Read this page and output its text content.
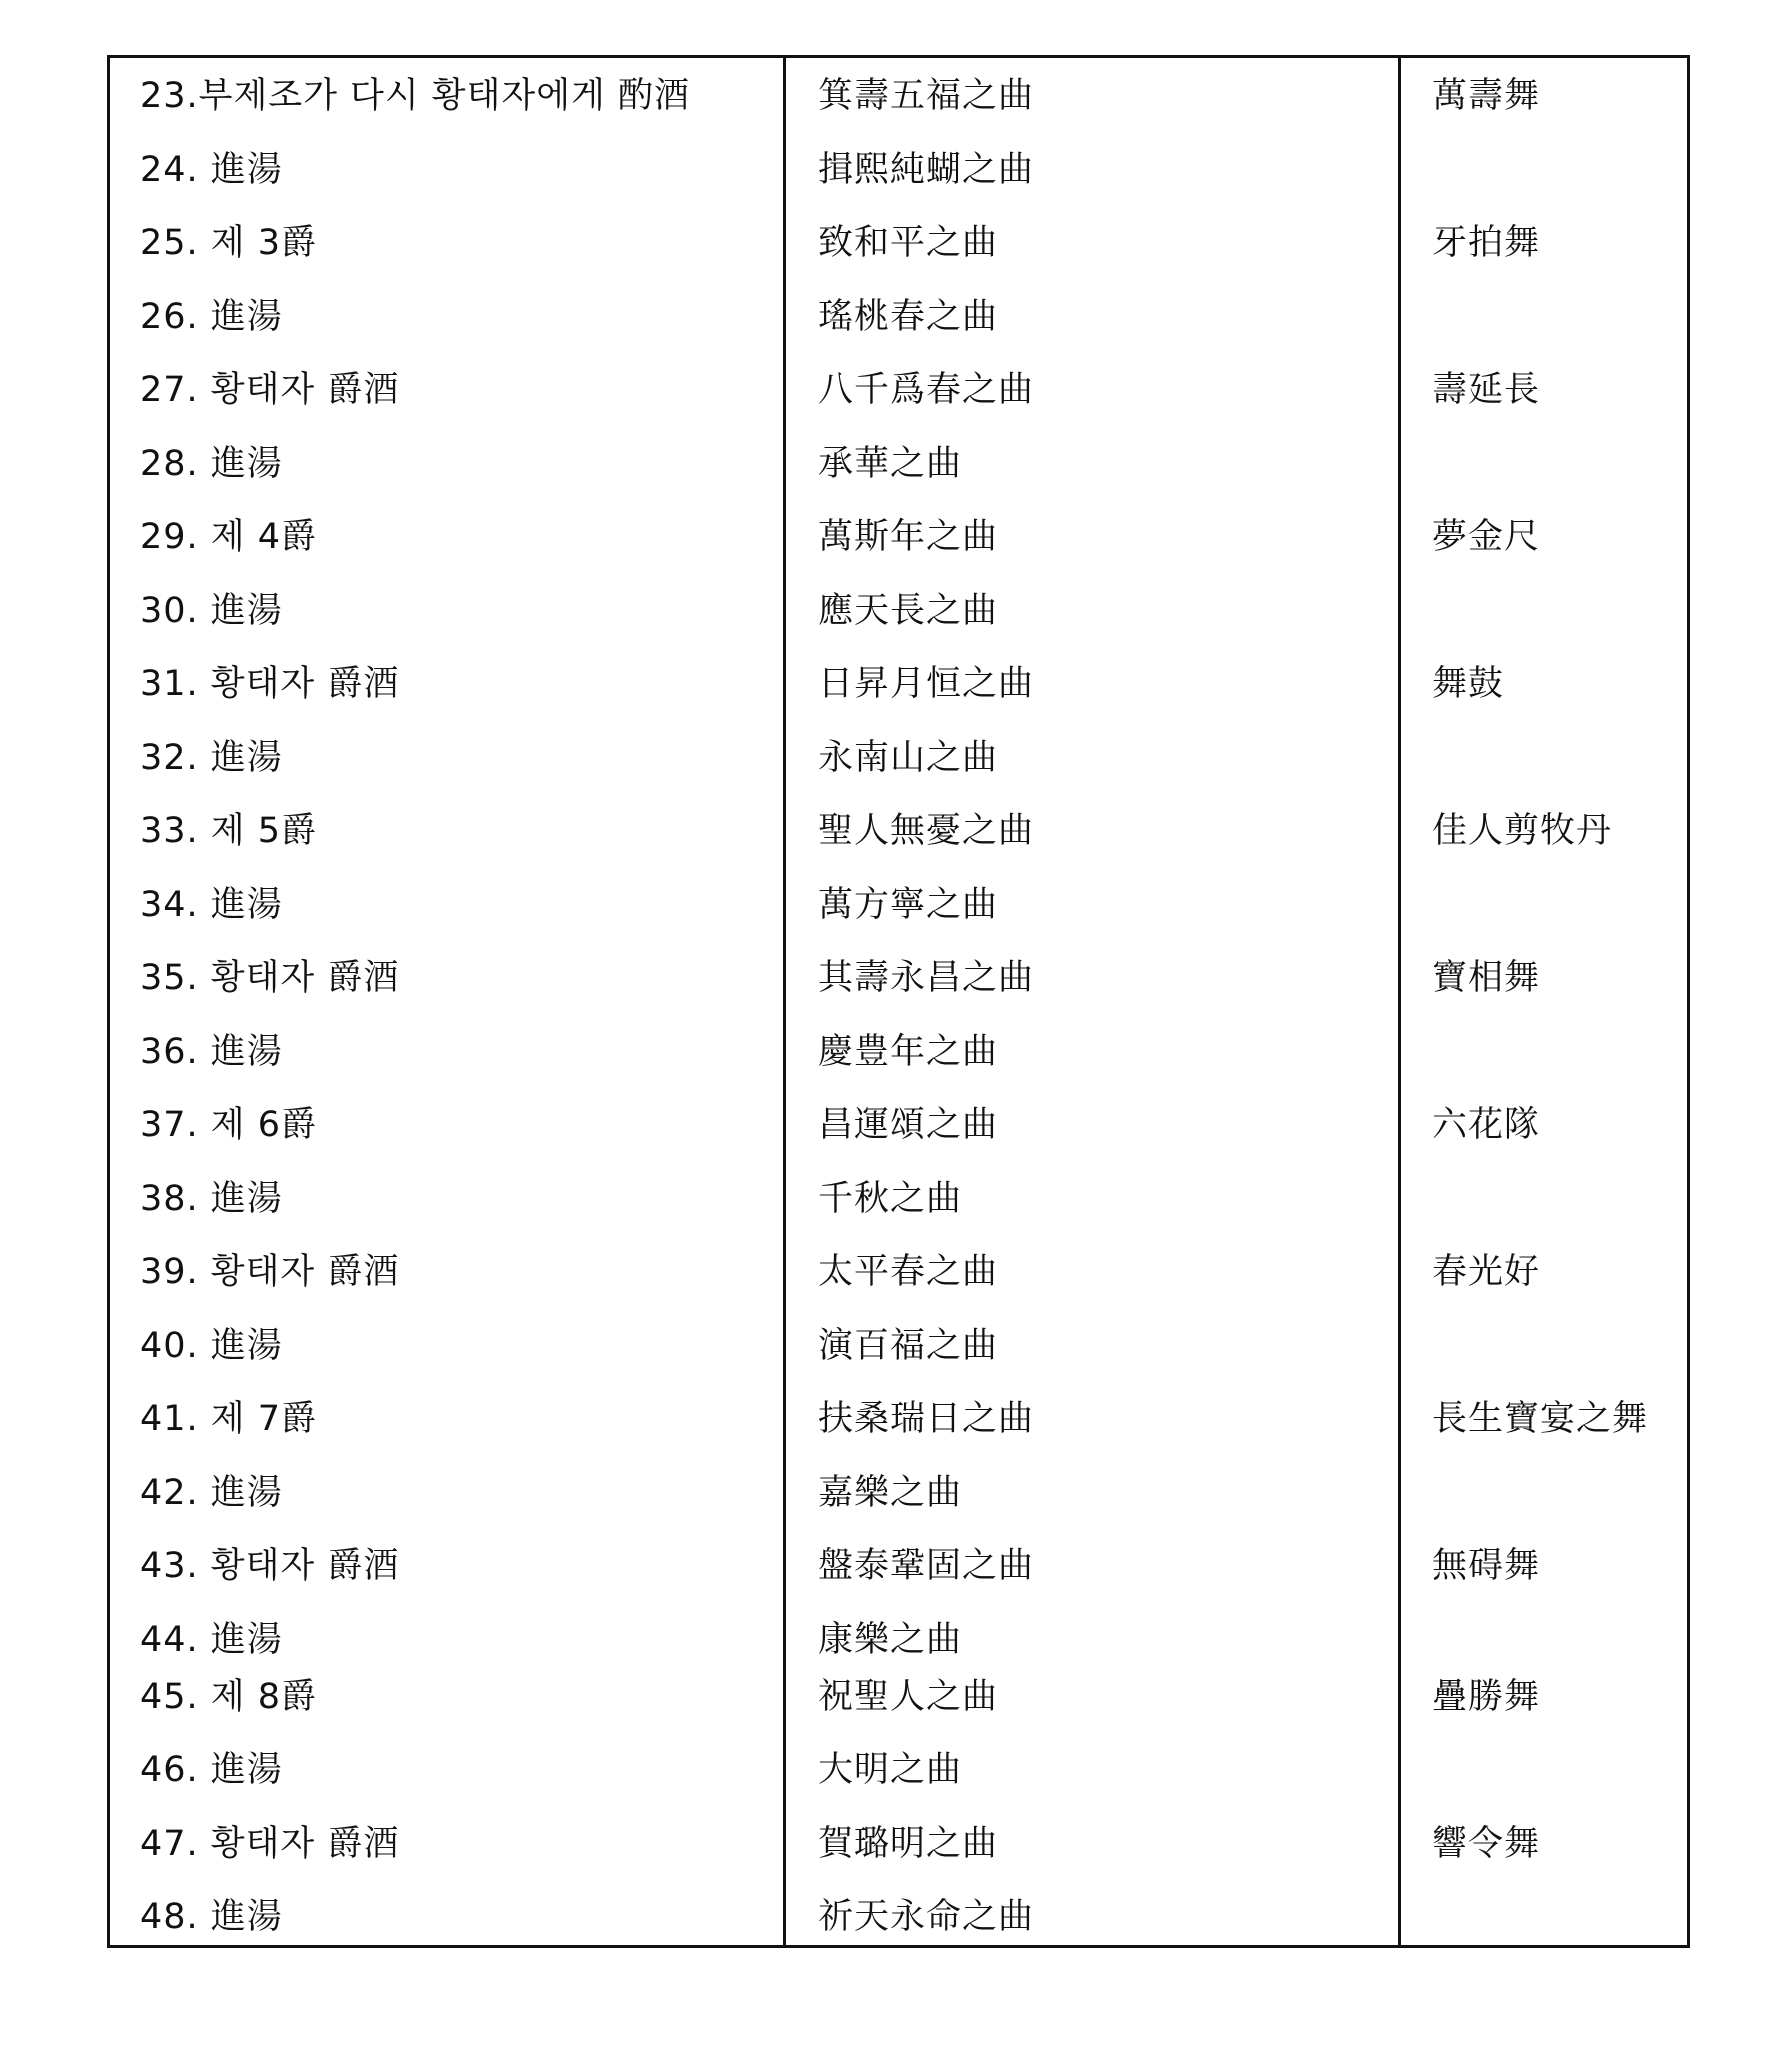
23.부제조가 다시 황태자에게 酌酒	箕壽五福之曲	萬壽舞
24. 進湯	揖熙純蝴之曲
25. 제 3爵	致和平之曲	牙拍舞
26. 進湯	瑤桃春之曲
27. 황태자 爵酒	八千爲春之曲	壽延長
28. 進湯	承華之曲
29. 제 4爵	萬斯年之曲	夢金尺
30. 進湯	應天長之曲
31. 황태자 爵酒	日昇月恒之曲	舞鼓
32. 進湯	永南山之曲
33. 제 5爵	聖人無憂之曲	佳人剪牧丹
34. 進湯	萬方寧之曲
35. 황태자 爵酒	其壽永昌之曲	寶相舞
36. 進湯	慶豊年之曲
37. 제 6爵	昌運頌之曲	六花隊
38. 進湯	千秋之曲
39. 황태자 爵酒	太平春之曲	春光好
40. 進湯	演百福之曲
41. 제 7爵	扶桑瑞日之曲	長生寶宴之舞
42. 進湯	嘉樂之曲
43. 황태자 爵酒	盤泰鞏固之曲	無碍舞
44. 進湯	康樂之曲
45. 제 8爵	祝聖人之曲	疊勝舞
46. 進湯	大明之曲
47. 황태자 爵酒	賀璐明之曲	響令舞
48. 進湯	祈天永命之曲
